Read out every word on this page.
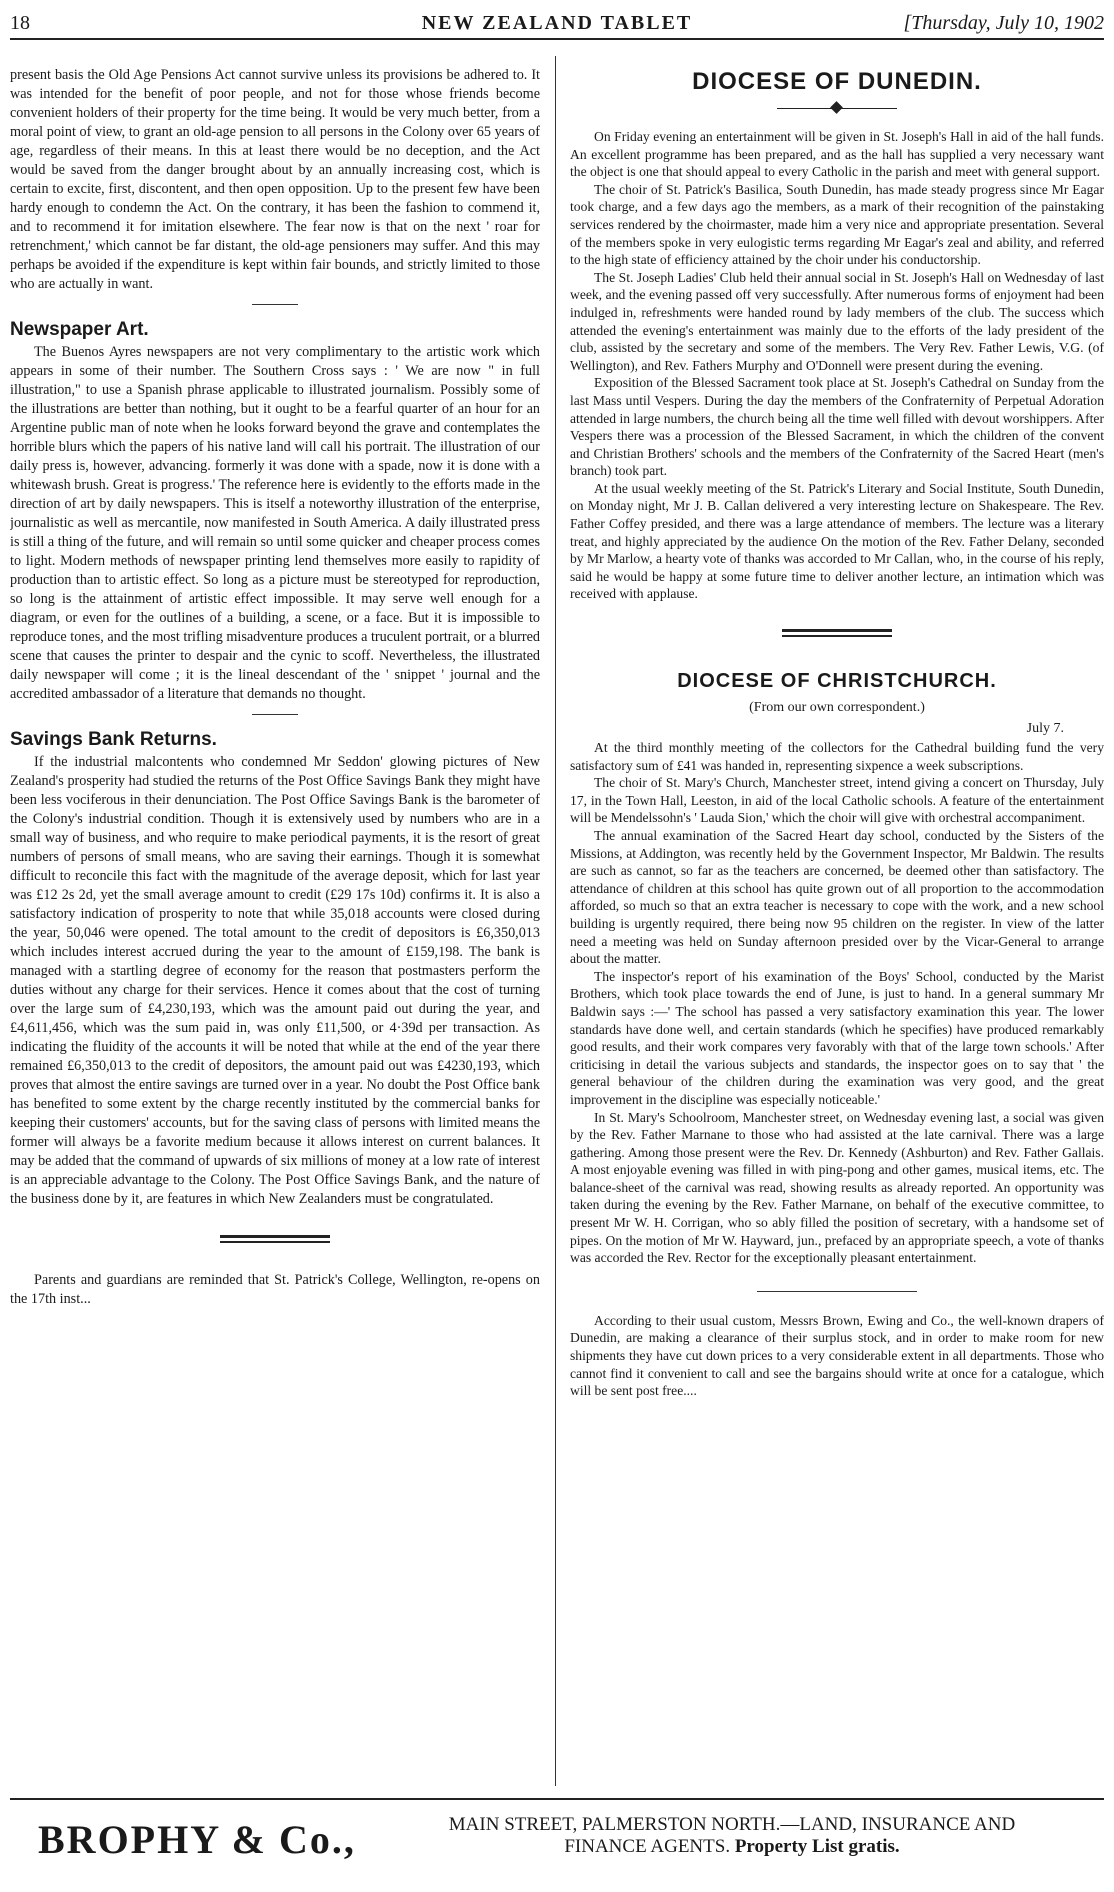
18	NEW ZEALAND TABLET	[Thursday, July 10, 1902

present basis the Old Age Pensions Act cannot survive unless its provisions be adhered to. It was intended for the benefit of poor people, and not for those whose friends become convenient holders of their property for the time being. It would be very much better, from a moral point of view, to grant an old-age pension to all persons in the Colony over 65 years of age, regardless of their means. In this at least there would be no deception, and the Act would be saved from the danger brought about by an annually increasing cost, which is certain to excite, first, discontent, and then open opposition. Up to the present few have been hardy enough to condemn the Act. On the contrary, it has been the fashion to commend it, and to recommend it for imitation elsewhere. The fear now is that on the next ' roar for retrenchment,' which cannot be far distant, the old-age pensioners may suffer. And this may perhaps be avoided if the expenditure is kept within fair bounds, and strictly limited to those who are actually in want.

Newspaper Art.

The Buenos Ayres newspapers are not very complimentary to the artistic work which appears in some of their number. The Southern Cross says : ' We are now " in full illustration," to use a Spanish phrase applicable to illustrated journalism. Possibly some of the illustrations are better than nothing, but it ought to be a fearful quarter of an hour for an Argentine public man of note when he looks forward beyond the grave and contemplates the horrible blurs which the papers of his native land will call his portrait. The illustration of our daily press is, however, advancing. formerly it was done with a spade, now it is done with a whitewash brush. Great is progress.' The reference here is evidently to the efforts made in the direction of art by daily newspapers. This is itself a noteworthy illustration of the enterprise, journalistic as well as mercantile, now manifested in South America. A daily illustrated press is still a thing of the future, and will remain so until some quicker and cheaper process comes to light. Modern methods of newspaper printing lend themselves more easily to rapidity of production than to artistic effect. So long as a picture must be stereotyped for reproduction, so long is the attainment of artistic effect impossible. It may serve well enough for a diagram, or even for the outlines of a building, a scene, or a face. But it is impossible to reproduce tones, and the most trifling misadventure produces a truculent portrait, or a blurred scene that causes the printer to despair and the cynic to scoff. Nevertheless, the illustrated daily newspaper will come ; it is the lineal descendant of the ' snippet ' journal and the accredited ambassador of a literature that demands no thought.

Savings Bank Returns.

If the industrial malcontents who condemned Mr Seddon' glowing pictures of New Zealand's prosperity had studied the returns of the Post Office Savings Bank they might have been less vociferous in their denunciation. The Post Office Savings Bank is the barometer of the Colony's industrial condition. Though it is extensively used by numbers who are in a small way of business, and who require to make periodical payments, it is the resort of great numbers of persons of small means, who are saving their earnings. Though it is somewhat difficult to reconcile this fact with the magnitude of the average deposit, which for last year was £12 2s 2d, yet the small average amount to credit (£29 17s 10d) confirms it. It is also a satisfactory indication of prosperity to note that while 35,018 accounts were closed during the year, 50,046 were opened. The total amount to the credit of depositors is £6,350,013 which includes interest accrued during the year to the amount of £159,198. The bank is managed with a startling degree of economy for the reason that postmasters perform the duties without any charge for their services. Hence it comes about that the cost of turning over the large sum of £4,230,193, which was the amount paid out during the year, and £4,611,456, which was the sum paid in, was only £11,500, or 4·39d per transaction. As indicating the fluidity of the accounts it will be noted that while at the end of the year there remained £6,350,013 to the credit of depositors, the amount paid out was £4230,193, which proves that almost the entire savings are turned over in a year. No doubt the Post Office bank has benefited to some extent by the charge recently instituted by the commercial banks for keeping their customers' accounts, but for the saving class of persons with limited means the former will always be a favorite medium because it allows interest on current balances. It may be added that the command of upwards of six millions of money at a low rate of interest is an appreciable advantage to the Colony. The Post Office Savings Bank, and the nature of the business done by it, are features in which New Zealanders must be congratulated.

Parents and guardians are reminded that St. Patrick's College, Wellington, re-opens on the 17th inst...

DIOCESE OF DUNEDIN.

On Friday evening an entertainment will be given in St. Joseph's Hall in aid of the hall funds. An excellent programme has been prepared, and as the hall has supplied a very necessary want the object is one that should appeal to every Catholic in the parish and meet with general support.

The choir of St. Patrick's Basilica, South Dunedin, has made steady progress since Mr Eagar took charge, and a few days ago the members, as a mark of their recognition of the painstaking services rendered by the choirmaster, made him a very nice and appropriate presentation. Several of the members spoke in very eulogistic terms regarding Mr Eagar's zeal and ability, and referred to the high state of efficiency attained by the choir under his conductorship.

The St. Joseph Ladies' Club held their annual social in St. Joseph's Hall on Wednesday of last week, and the evening passed off very successfully. After numerous forms of enjoyment had been indulged in, refreshments were handed round by lady members of the club. The success which attended the evening's entertainment was mainly due to the efforts of the lady president of the club, assisted by the secretary and some of the members. The Very Rev. Father Lewis, V.G. (of Wellington), and Rev. Fathers Murphy and O'Donnell were present during the evening.

Exposition of the Blessed Sacrament took place at St. Joseph's Cathedral on Sunday from the last Mass until Vespers. During the day the members of the Confraternity of Perpetual Adoration attended in large numbers, the church being all the time well filled with devout worshippers. After Vespers there was a procession of the Blessed Sacrament, in which the children of the convent and Christian Brothers' schools and the members of the Confraternity of the Sacred Heart (men's branch) took part.

At the usual weekly meeting of the St. Patrick's Literary and Social Institute, South Dunedin, on Monday night, Mr J. B. Callan delivered a very interesting lecture on Shakespeare. The Rev. Father Coffey presided, and there was a large attendance of members. The lecture was a literary treat, and highly appreciated by the audience On the motion of the Rev. Father Delany, seconded by Mr Marlow, a hearty vote of thanks was accorded to Mr Callan, who, in the course of his reply, said he would be happy at some future time to deliver another lecture, an intimation which was received with applause.

DIOCESE OF CHRISTCHURCH.
(From our own correspondent.)
July 7.

At the third monthly meeting of the collectors for the Cathedral building fund the very satisfactory sum of £41 was handed in, representing sixpence a week subscriptions.

The choir of St. Mary's Church, Manchester street, intend giving a concert on Thursday, July 17, in the Town Hall, Leeston, in aid of the local Catholic schools. A feature of the entertainment will be Mendelssohn's ' Lauda Sion,' which the choir will give with orchestral accompaniment.

The annual examination of the Sacred Heart day school, conducted by the Sisters of the Missions, at Addington, was recently held by the Government Inspector, Mr Baldwin. The results are such as cannot, so far as the teachers are concerned, be deemed other than satisfactory. The attendance of children at this school has quite grown out of all proportion to the accommodation afforded, so much so that an extra teacher is necessary to cope with the work, and a new school building is urgently required, there being now 95 children on the register. In view of the latter need a meeting was held on Sunday afternoon presided over by the Vicar-General to arrange about the matter.

The inspector's report of his examination of the Boys' School, conducted by the Marist Brothers, which took place towards the end of June, is just to hand. In a general summary Mr Baldwin says :—' The school has passed a very satisfactory examination this year. The lower standards have done well, and certain standards (which he specifies) have produced remarkably good results, and their work compares very favorably with that of the large town schools.' After criticising in detail the various subjects and standards, the inspector goes on to say that ' the general behaviour of the children during the examination was very good, and the great improvement in the discipline was especially noticeable.'

In St. Mary's Schoolroom, Manchester street, on Wednesday evening last, a social was given by the Rev. Father Marnane to those who had assisted at the late carnival. There was a large gathering. Among those present were the Rev. Dr. Kennedy (Ashburton) and Rev. Father Gallais. A most enjoyable evening was filled in with ping-pong and other games, musical items, etc. The balance-sheet of the carnival was read, showing results as already reported. An opportunity was taken during the evening by the Rev. Father Marnane, on behalf of the executive committee, to present Mr W. H. Corrigan, who so ably filled the position of secretary, with a handsome set of pipes. On the motion of Mr W. Hayward, jun., prefaced by an appropriate speech, a vote of thanks was accorded the Rev. Rector for the exceptionally pleasant entertainment.

According to their usual custom, Messrs Brown, Ewing and Co., the well-known drapers of Dunedin, are making a clearance of their surplus stock, and in order to make room for new shipments they have cut down prices to a very considerable extent in all departments. Those who cannot find it convenient to call and see the bargains should write at once for a catalogue, which will be sent post free....

BROPHY & Co.,	MAIN STREET, PALMERSTON NORTH.—LAND, INSURANCE AND
FINANCE AGENTS. Property List gratis.
